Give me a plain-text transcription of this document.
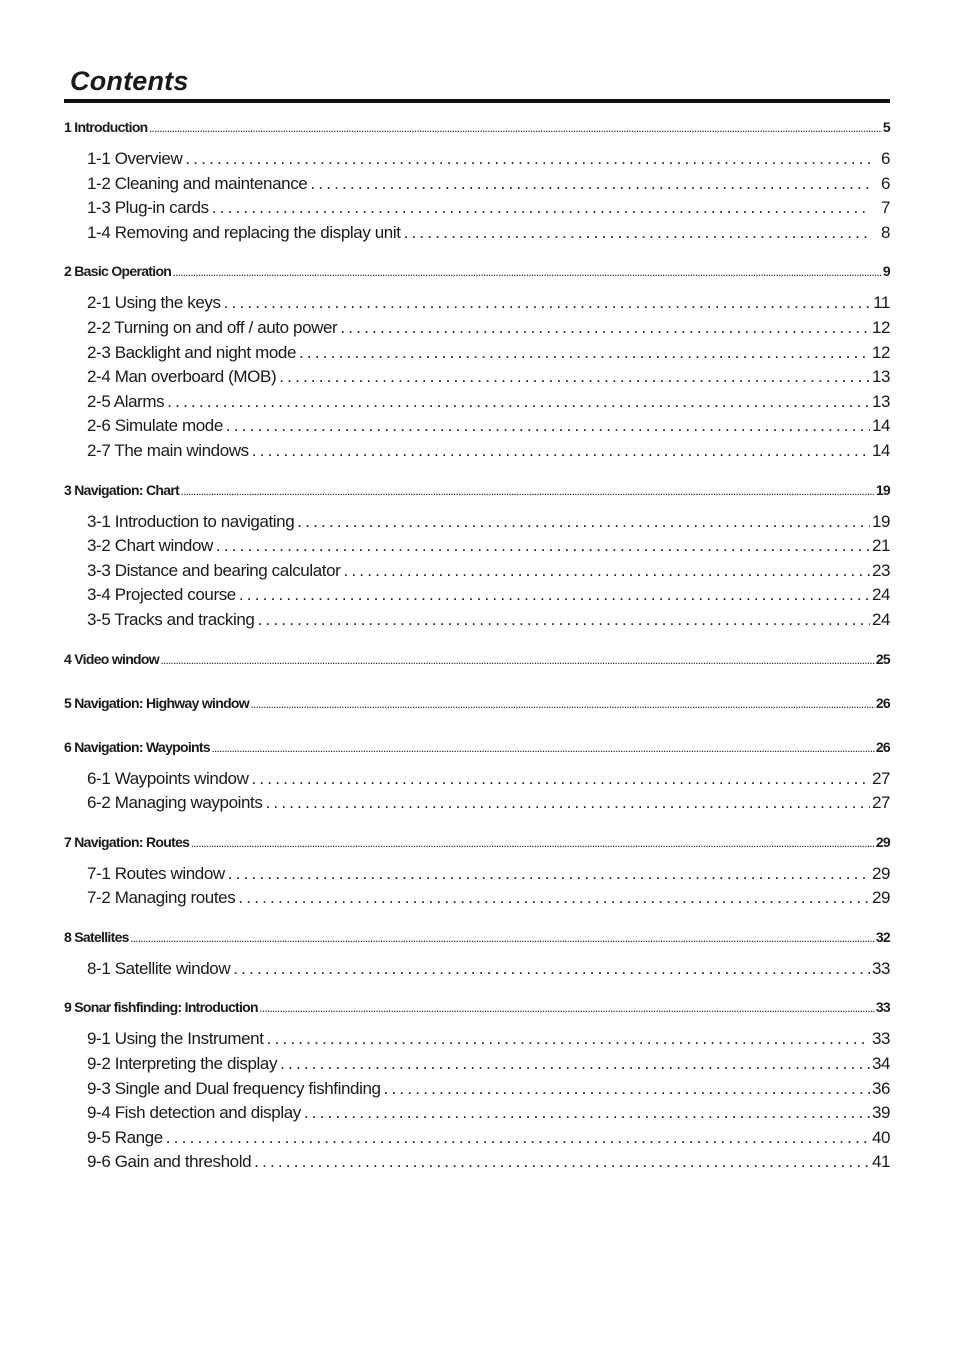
Contents
1 Introduction .....	5
1-1 Overview .....	6
1-2 Cleaning and maintenance .....	6
1-3 Plug-in cards .....	7
1-4 Removing and replacing the display unit .....	8
2 Basic Operation .....	9
2-1 Using the keys .....	11
2-2 Turning on and off / auto power .....	12
2-3 Backlight and night mode .....	12
2-4 Man overboard (MOB) .....	13
2-5 Alarms .....	13
2-6 Simulate mode .....	14
2-7 The main windows .....	14
3 Navigation: Chart .....	19
3-1 Introduction to navigating .....	19
3-2 Chart window .....	21
3-3 Distance and bearing calculator .....	23
3-4 Projected course .....	24
3-5 Tracks and tracking .....	24
4 Video window .....	25
5 Navigation: Highway window .....	26
6 Navigation: Waypoints .....	26
6-1 Waypoints window .....	27
6-2 Managing waypoints .....	27
7 Navigation: Routes .....	29
7-1 Routes window .....	29
7-2 Managing routes .....	29
8 Satellites .....	32
8-1 Satellite window .....	33
9 Sonar fishfinding: Introduction .....	33
9-1 Using the Instrument .....	33
9-2 Interpreting the display .....	34
9-3 Single and Dual frequency fishfinding .....	36
9-4 Fish detection and display .....	39
9-5 Range .....	40
9-6 Gain and threshold .....	41
